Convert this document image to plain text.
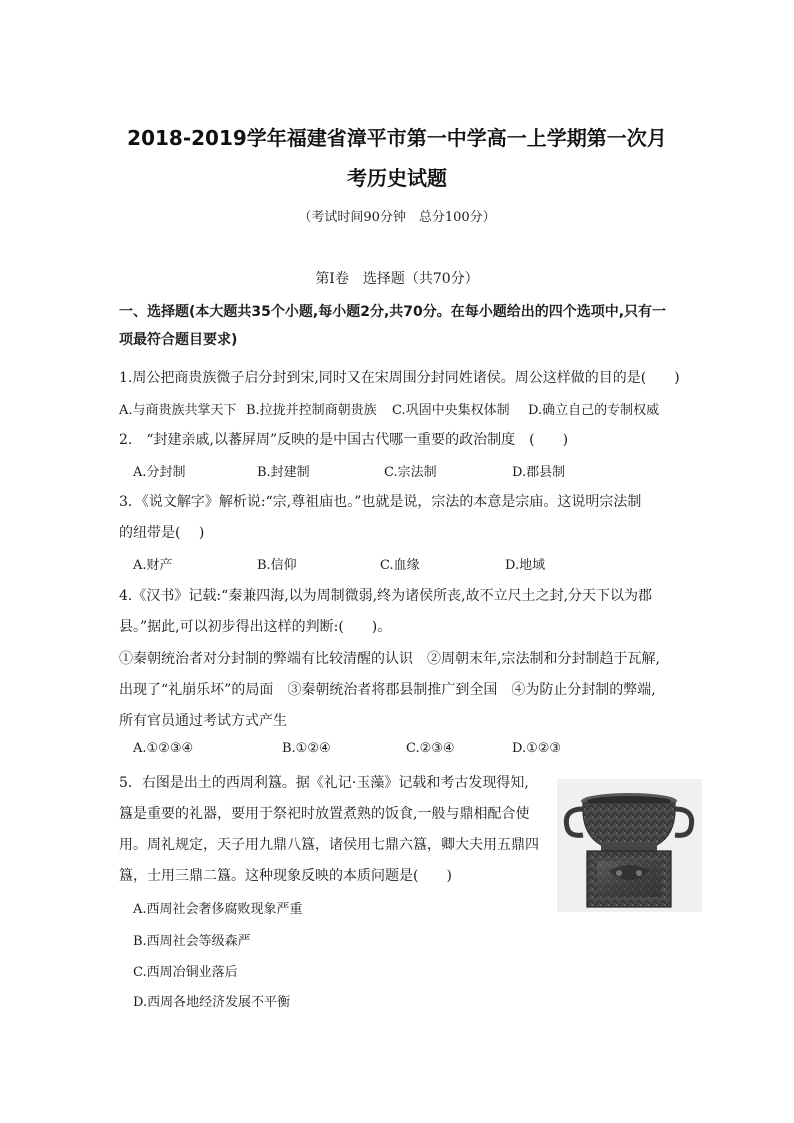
2018-2019学年福建省漳平市第一中学高一上学期第一次月
考历史试题
（考试时间90分钟　总分100分）
第Ⅰ卷　选择题（共70分）
一、选择题(本大题共35个小题,每小题2分,共70分。在每小题给出的四个选项中,只有一项最符合题目要求)
1.周公把商贵族微子启分封到宋,同时又在宋周围分封同姓诸侯。周公这样做的目的是(　　)
A.与商贵族共掌天下 B.拉拢并控制商朝贵族 C.巩固中央集权体制 D.确立自己的专制权威
2.　“封建亲戚,以蕃屏周”反映的是中国古代哪一重要的政治制度　(　　)
A.分封制	B.封建制	C.宗法制	D.郡县制
3．《说文解字》解析说:“宗,尊祖庙也。”也就是说，宗法的本意是宗庙。这说明宗法制
的纽带是(　 )
A.财产	B.信仰	C.血缘	D.地域
4.《汉书》记载:“秦兼四海,以为周制微弱,终为诸侯所丧,故不立尺土之封,分天下以为郡
县。”据此,可以初步得出这样的判断:(　　)。
①秦朝统治者对分封制的弊端有比较清醒的认识　②周朝末年,宗法制和分封制趋于瓦解,
出现了“礼崩乐坏”的局面　③秦朝统治者将郡县制推广到全国　④为防止分封制的弊端,
所有官员通过考试方式产生
A.①②③④	B.①②④	C.②③④	D.①②③
5．右图是出土的西周利簋。据《礼记·玉藻》记载和考古发现得知,
簋是重要的礼器，要用于祭祀时放置煮熟的饭食,一般与鼎相配合使
用。周礼规定，天子用九鼎八簋，诸侯用七鼎六簋，卿大夫用五鼎四
簋，士用三鼎二簋。这种现象反映的本质问题是(　　)
A.西周社会奢侈腐败现象严重
B.西周社会等级森严
C.西周冶铜业落后
D.西周各地经济发展不平衡
